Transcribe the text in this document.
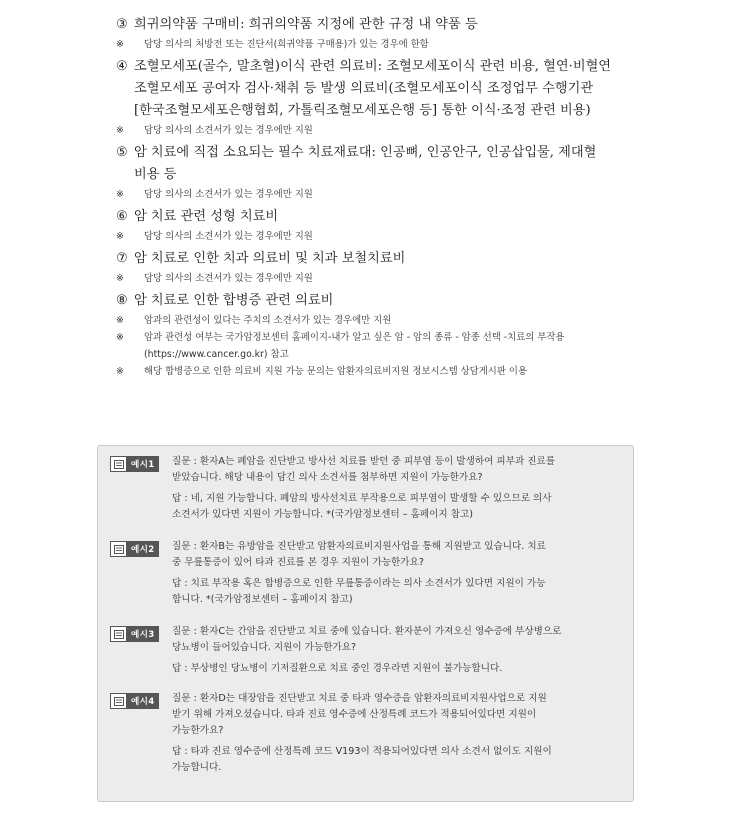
③ 희귀의약품 구매비: 희귀의약품 지정에 관한 규정 내 약품 등
※	담당 의사의 처방전 또는 진단서(희귀약품 구매용)가 있는 경우에 한함
④ 조혈모세포(골수, 말초혈)이식 관련 의료비: 조혈모세포이식 관련 비용, 혈연·비혈연
조혈모세포 공여자 검사·채취 등 발생 의료비(조혈모세포이식 조정업무 수행기관
[한국조혈모세포은행협회, 가톨릭조혈모세포은행 등] 통한 이식·조정 관련 비용)
※	담당 의사의 소견서가 있는 경우에만 지원
⑤ 암 치료에 직접 소요되는 필수 치료재료대: 인공뼈, 인공안구, 인공삽입물, 제대혈
비용 등
※	담당 의사의 소견서가 있는 경우에만 지원
⑥ 암 치료 관련 성형 치료비
※	담당 의사의 소견서가 있는 경우에만 지원
⑦ 암 치료로 인한 치과 의료비 및 치과 보철치료비
※	담당 의사의 소견서가 있는 경우에만 지원
⑧ 암 치료로 인한 합병증 관련 의료비
※	암과의 관련성이 있다는 주치의 소견서가 있는 경우에만 지원
※	암과 관련성 여부는 국가암정보센터 홈페이지-내가 알고 싶은 암 - 암의 종류 - 암종 선택 -치료의 부작용
(https://www.cancer.go.kr) 참고
※	해당 합병증으로 인한 의료비 지원 가능 문의는 암환자의료비지원 정보시스템 상담게시판 이용
예시1	질문 : 환자A는 폐암을 진단받고 방사선 치료를 받던 중 피부염 등이 발생하여 피부과 진료를
받았습니다. 해당 내용이 담긴 의사 소견서를 첨부하면 지원이 가능한가요?
답 : 네, 지원 가능합니다. 폐암의 방사선치료 부작용으로 피부염이 발생할 수 있으므로 의사
소견서가 있다면 지원이 가능합니다. *(국가암정보센터 – 홈페이지 참고)
예시2	질문 : 환자B는 유방암을 진단받고 암환자의료비지원사업을 통해 지원받고 있습니다. 치료
중 무릎통증이 있어 타과 진료를 본 경우 지원이 가능한가요?
답 : 치료 부작용 혹은 합병증으로 인한 무릎통증이라는 의사 소견서가 있다면 지원이 가능
합니다. *(국가암정보센터 – 홈페이지 참고)
예시3	질문 : 환자C는 간암을 진단받고 치료 중에 있습니다. 환자분이 가져오신 영수증에 부상병으로
당뇨병이 들어있습니다. 지원이 가능한가요?
답 : 부상병인 당뇨병이 기저질환으로 치료 중인 경우라면 지원이 불가능합니다.
예시4	질문 : 환자D는 대장암을 진단받고 치료 중 타과 영수증을 암환자의료비지원사업으로 지원
받기 위해 가져오셨습니다. 타과 진료 영수증에 산정특례 코드가 적용되어있다면 지원이
가능한가요?
답 : 타과 진료 영수증에 산정특례 코드 V193이 적용되어있다면 의사 소견서 없이도 지원이
가능합니다.
